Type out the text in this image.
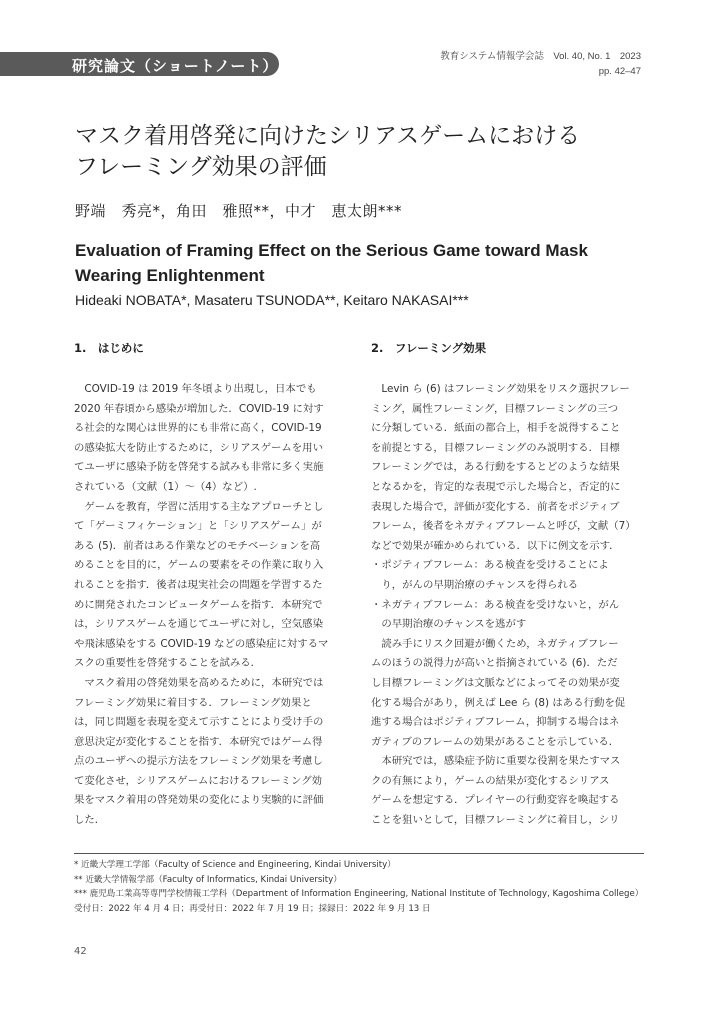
研究論文（ショートノート）
教育システム情報学会誌　Vol. 40, No. 1　2023
pp. 42–47
マスク着用啓発に向けたシリアスゲームにおける
フレーミング効果の評価
野端　秀亮*，角田　雅照**，中才　恵太朗***
Evaluation of Framing Effect on the Serious Game toward Mask
Wearing Enlightenment
Hideaki NOBATA*, Masateru TSUNODA**, Keitaro NAKASAI***
1.　はじめに
　COVID-19 は 2019 年冬頃より出現し，日本でも
2020 年春頃から感染が増加した．COVID-19 に対す
る社会的な関心は世界的にも非常に高く，COVID-19
の感染拡大を防止するために，シリアスゲームを用い
てユーザに感染予防を啓発する試みも非常に多く実施
されている（文献（1）〜（4）など）.
　ゲームを教育，学習に活用する主なアプローチとし
て「ゲーミフィケーション」と「シリアスゲーム」が
ある (5)．前者はある作業などのモチベーションを高
めることを目的に，ゲームの要素をその作業に取り入
れることを指す．後者は現実社会の問題を学習するた
めに開発されたコンピュータゲームを指す．本研究で
は，シリアスゲームを通じてユーザに対し，空気感染
や飛沫感染をする COVID-19 などの感染症に対するマ
スクの重要性を啓発することを試みる．
　マスク着用の啓発効果を高めるために，本研究では
フレーミング効果に着目する．フレーミング効果と
は，同じ問題を表現を変えて示すことにより受け手の
意思決定が変化することを指す．本研究ではゲーム得
点のユーザへの提示方法をフレーミング効果を考慮し
て変化させ，シリアスゲームにおけるフレーミング効
果をマスク着用の啓発効果の変化により実験的に評価
した．
2.　フレーミング効果
　Levin ら (6) はフレーミング効果をリスク選択フレー
ミング，属性フレーミング，目標フレーミングの三つ
に分類している．紙面の都合上，相手を説得すること
を前提とする，目標フレーミングのみ説明する．目標
フレーミングでは，ある行動をするとどのような結果
となるかを，肯定的な表現で示した場合と，否定的に
表現した場合で，評価が変化する．前者をポジティブ
フレーム，後者をネガティブフレームと呼び，文献（7）
などで効果が確かめられている．以下に例文を示す．
・ポジティブフレーム：ある検査を受けることによ
　り，がんの早期治療のチャンスを得られる
・ネガティブフレーム：ある検査を受けないと，がん
　の早期治療のチャンスを逃がす
　読み手にリスク回避が働くため，ネガティブフレー
ムのほうの説得力が高いと指摘されている (6)．ただ
し目標フレーミングは文脈などによってその効果が変
化する場合があり，例えば Lee ら (8) はある行動を促
進する場合はポジティブフレーム，抑制する場合はネ
ガティブのフレームの効果があることを示している．
　本研究では，感染症予防に重要な役割を果たすマス
クの有無により，ゲームの結果が変化するシリアス
ゲームを想定する．プレイヤーの行動変容を喚起する
ことを狙いとして，目標フレーミングに着目し，シリ
* 近畿大学理工学部（Faculty of Science and Engineering, Kindai University）
** 近畿大学情報学部（Faculty of Informatics, Kindai University）
*** 鹿児島工業高等専門学校情報工学科（Department of Information Engineering, National Institute of Technology, Kagoshima College）
受付日：2022 年 4 月 4 日；再受付日：2022 年 7 月 19 日；採録日：2022 年 9 月 13 日
42
